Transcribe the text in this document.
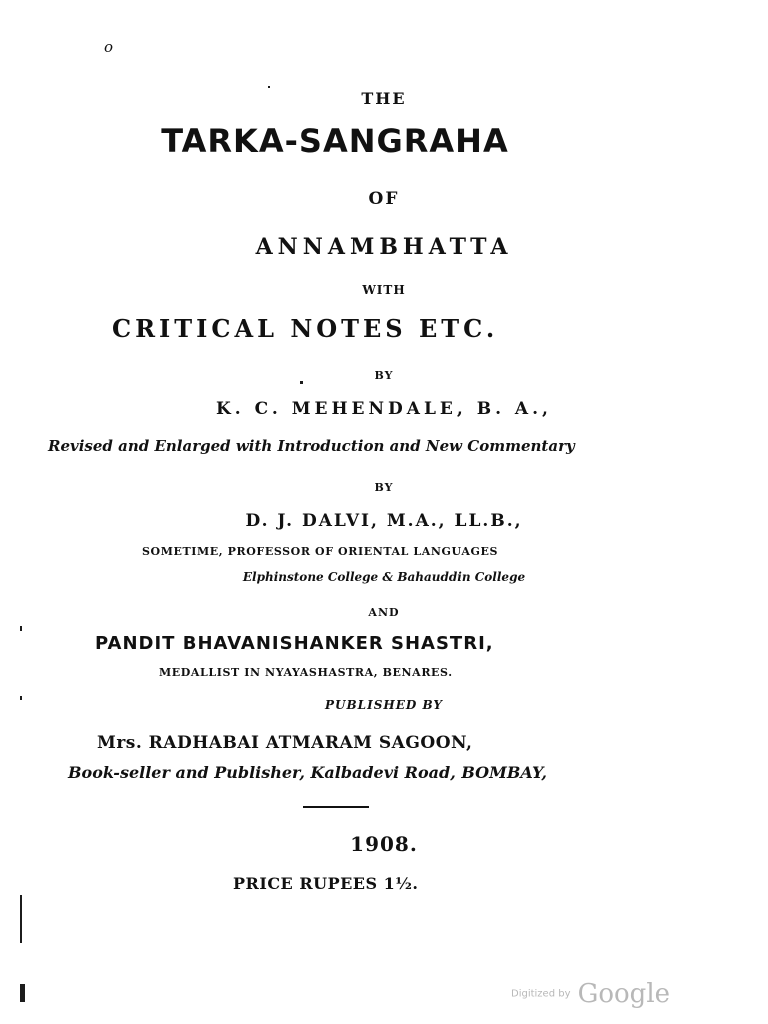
o
THE
TARKA-SANGRAHA
OF
ANNAMBHATTA
WITH
CRITICAL NOTES ETC.
BY
K. C. MEHENDALE, B. A.,
Revised and Enlarged with Introduction and New Commentary
BY
D. J. DALVI, M.A., LL.B.,
SOMETIME, PROFESSOR OF ORIENTAL LANGUAGES
Elphinstone College & Bahauddin College
AND
PANDIT BHAVANISHANKER SHASTRI,
MEDALLIST IN NYAYASHASTRA, BENARES.
PUBLISHED BY
Mrs. RADHABAI ATMARAM SAGOON,
Book-seller and Publisher, Kalbadevi Road, BOMBAY,
1908.
PRICE RUPEES 1½.
Digitized by Google
